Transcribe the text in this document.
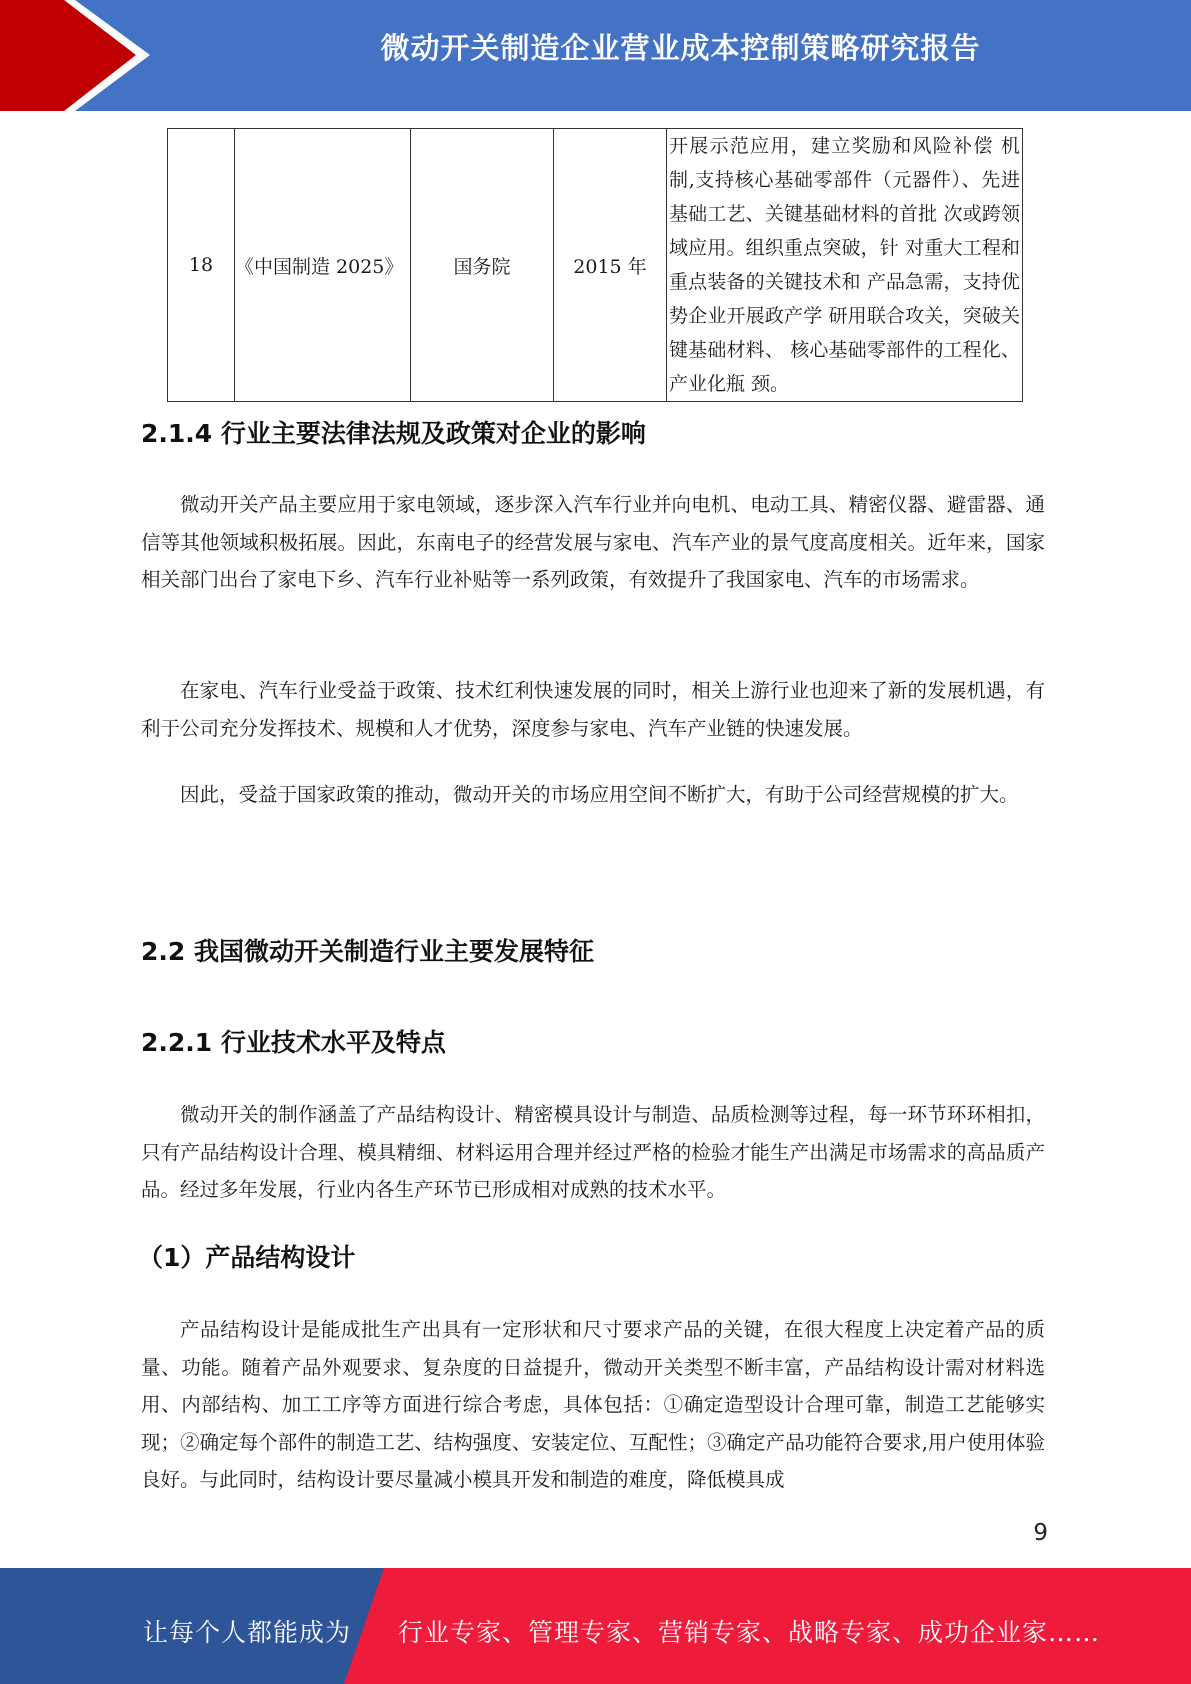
微动开关制造企业营业成本控制策略研究报告
18	《中国制造 2025》	国务院	2015 年	开展示范应用，建立奖励和风险补偿 机制,支持核心基础零部件（元器件）、先进基础工艺、关键基础材料的首批 次或跨领域应用。组织重点突破，针 对重大工程和重点装备的关键技术和 产品急需，支持优势企业开展政产学 研用联合攻关，突破关键基础材料、 核心基础零部件的工程化、产业化瓶 颈。
2.1.4 行业主要法律法规及政策对企业的影响

微动开关产品主要应用于家电领域，逐步深入汽车行业并向电机、电动工具、精密仪器、避雷器、通信等其他领域积极拓展。因此，东南电子的经营发展与家电、汽车产业的景气度高度相关。近年来，国家相关部门出台了家电下乡、汽车行业补贴等一系列政策，有效提升了我国家电、汽车的市场需求。

在家电、汽车行业受益于政策、技术红利快速发展的同时，相关上游行业也迎来了新的发展机遇，有利于公司充分发挥技术、规模和人才优势，深度参与家电、汽车产业链的快速发展。

因此，受益于国家政策的推动，微动开关的市场应用空间不断扩大，有助于公司经营规模的扩大。

2.2 我国微动开关制造行业主要发展特征
2.2.1 行业技术水平及特点

微动开关的制作涵盖了产品结构设计、精密模具设计与制造、品质检测等过程，每一环节环环相扣，只有产品结构设计合理、模具精细、材料运用合理并经过严格的检验才能生产出满足市场需求的高品质产品。经过多年发展，行业内各生产环节已形成相对成熟的技术水平。

（1）产品结构设计

产品结构设计是能成批生产出具有一定形状和尺寸要求产品的关键，在很大程度上决定着产品的质量、功能。随着产品外观要求、复杂度的日益提升，微动开关类型不断丰富，产品结构设计需对材料选用、内部结构、加工工序等方面进行综合考虑，具体包括：①确定造型设计合理可靠，制造工艺能够实现；②确定每个部件的制造工艺、结构强度、安装定位、互配性；③确定产品功能符合要求,用户使用体验良好。与此同时，结构设计要尽量减小模具开发和制造的难度，降低模具成

9
让每个人都能成为 行业专家、管理专家、营销专家、战略专家、成功企业家……
